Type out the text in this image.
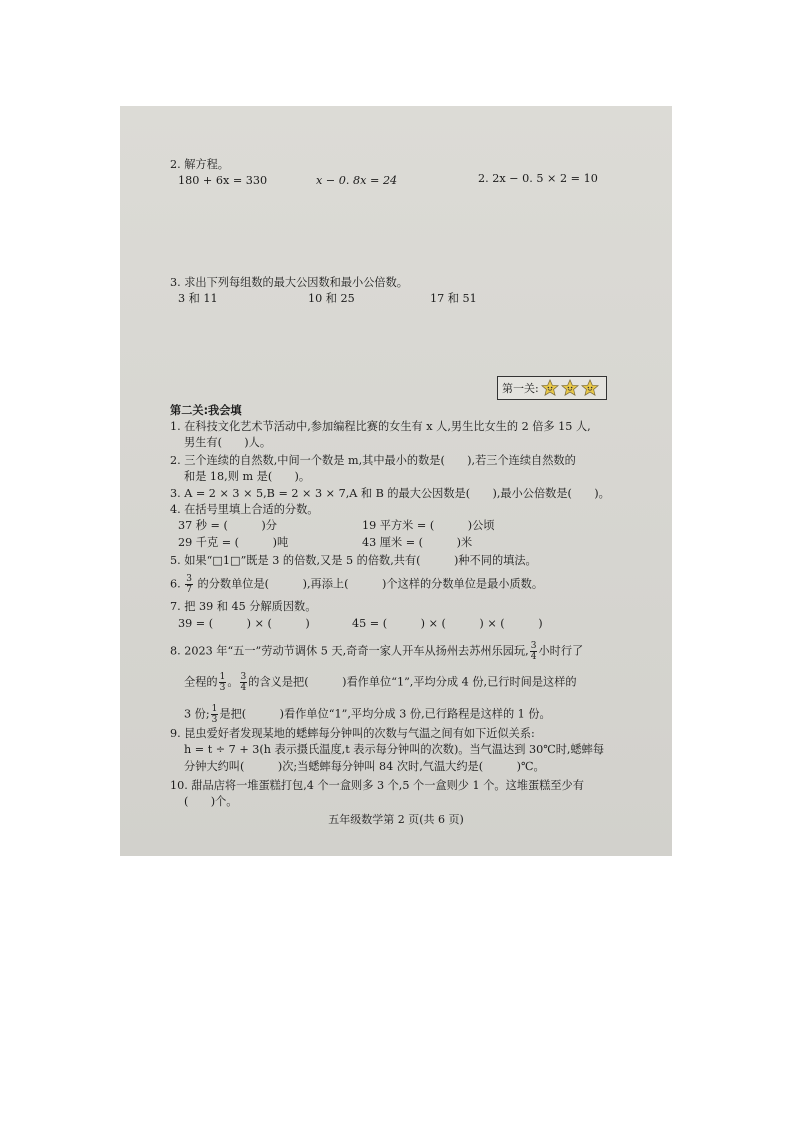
2. 解方程。
180 + 6x = 330	x − 0. 8x = 24	2. 2x − 0. 5 × 2 = 10
3. 求出下列每组数的最大公因数和最小公倍数。
3 和 11	10 和 25	17 和 51
第一关:
第二关:我会填
1. 在科技文化艺术节活动中,参加编程比赛的女生有 x 人,男生比女生的 2 倍多 15 人,
男生有(　　)人。
2. 三个连续的自然数,中间一个数是 m,其中最小的数是(　　),若三个连续自然数的
和是 18,则 m 是(　　)。
3. A = 2 × 3 × 5,B = 2 × 3 × 7,A 和 B 的最大公因数是(　　),最小公倍数是(　　)。
4. 在括号里填上合适的分数。
37 秒 = (　　　)分	19 平方米 = (　　　)公顷
29 千克 = (　　　)吨	43 厘米 = (　　　)米
5. 如果“□1□”既是 3 的倍数,又是 5 的倍数,共有(　　　)种不同的填法。
6. $\frac{3}{7}$ 的分数单位是(　　　),再添上(　　　)个这样的分数单位是最小质数。
7. 把 39 和 45 分解质因数。
39 = (　　　) × (　　　)	45 = (　　　) × (　　　) × (　　　)
8. 2023 年“五一”劳动节调休 5 天,奇奇一家人开车从扬州去苏州乐园玩, $\frac{3}{4}$ 小时行了
全程的 $\frac{1}{3}$ 。 $\frac{3}{4}$ 的含义是把(　　　)看作单位“1”,平均分成 4 份,已行时间是这样的
3 份; $\frac{1}{3}$ 是把(　　　)看作单位“1”,平均分成 3 份,已行路程是这样的 1 份。
9. 昆虫爱好者发现某地的蟋蟀每分钟叫的次数与气温之间有如下近似关系:
h = t ÷ 7 + 3(h 表示摄氏温度,t 表示每分钟叫的次数)。当气温达到 30℃时,蟋蟀每
分钟大约叫(　　　)次;当蟋蟀每分钟叫 84 次时,气温大约是(　　　)℃。
10. 甜品店将一堆蛋糕打包,4 个一盒则多 3 个,5 个一盒则少 1 个。这堆蛋糕至少有
(　　)个。
五年级数学第 2 页(共 6 页)
